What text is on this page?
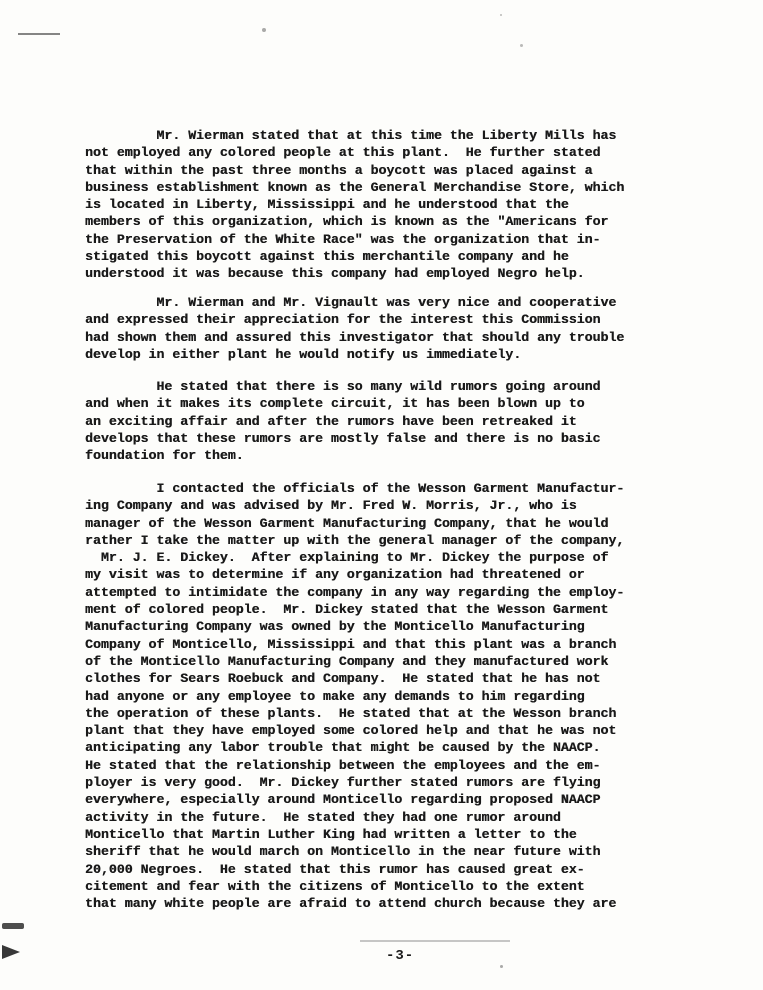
Mr. Wierman stated that at this time the Liberty Mills has
not employed any colored people at this plant.  He further stated
that within the past three months a boycott was placed against a
business establishment known as the General Merchandise Store, which
is located in Liberty, Mississippi and he understood that the
members of this organization, which is known as the "Americans for
the Preservation of the White Race" was the organization that in-
stigated this boycott against this merchantile company and he
understood it was because this company had employed Negro help.
Mr. Wierman and Mr. Vignault was very nice and cooperative
and expressed their appreciation for the interest this Commission
had shown them and assured this investigator that should any trouble
develop in either plant he would notify us immediately.
He stated that there is so many wild rumors going around
and when it makes its complete circuit, it has been blown up to
an exciting affair and after the rumors have been retreaked it
develops that these rumors are mostly false and there is no basic
foundation for them.
I contacted the officials of the Wesson Garment Manufactur-
ing Company and was advised by Mr. Fred W. Morris, Jr., who is
manager of the Wesson Garment Manufacturing Company, that he would
rather I take the matter up with the general manager of the company,
Mr. J. E. Dickey.  After explaining to Mr. Dickey the purpose of
my visit was to determine if any organization had threatened or
attempted to intimidate the company in any way regarding the employ-
ment of colored people.  Mr. Dickey stated that the Wesson Garment
Manufacturing Company was owned by the Monticello Manufacturing
Company of Monticello, Mississippi and that this plant was a branch
of the Monticello Manufacturing Company and they manufactured work
clothes for Sears Roebuck and Company.  He stated that he has not
had anyone or any employee to make any demands to him regarding
the operation of these plants.  He stated that at the Wesson branch
plant that they have employed some colored help and that he was not
anticipating any labor trouble that might be caused by the NAACP.
He stated that the relationship between the employees and the em-
ployer is very good.  Mr. Dickey further stated rumors are flying
everywhere, especially around Monticello regarding proposed NAACP
activity in the future.  He stated they had one rumor around
Monticello that Martin Luther King had written a letter to the
sheriff that he would march on Monticello in the near future with
20,000 Negroes.  He stated that this rumor has caused great ex-
citement and fear with the citizens of Monticello to the extent
that many white people are afraid to attend church because they are
-3-
